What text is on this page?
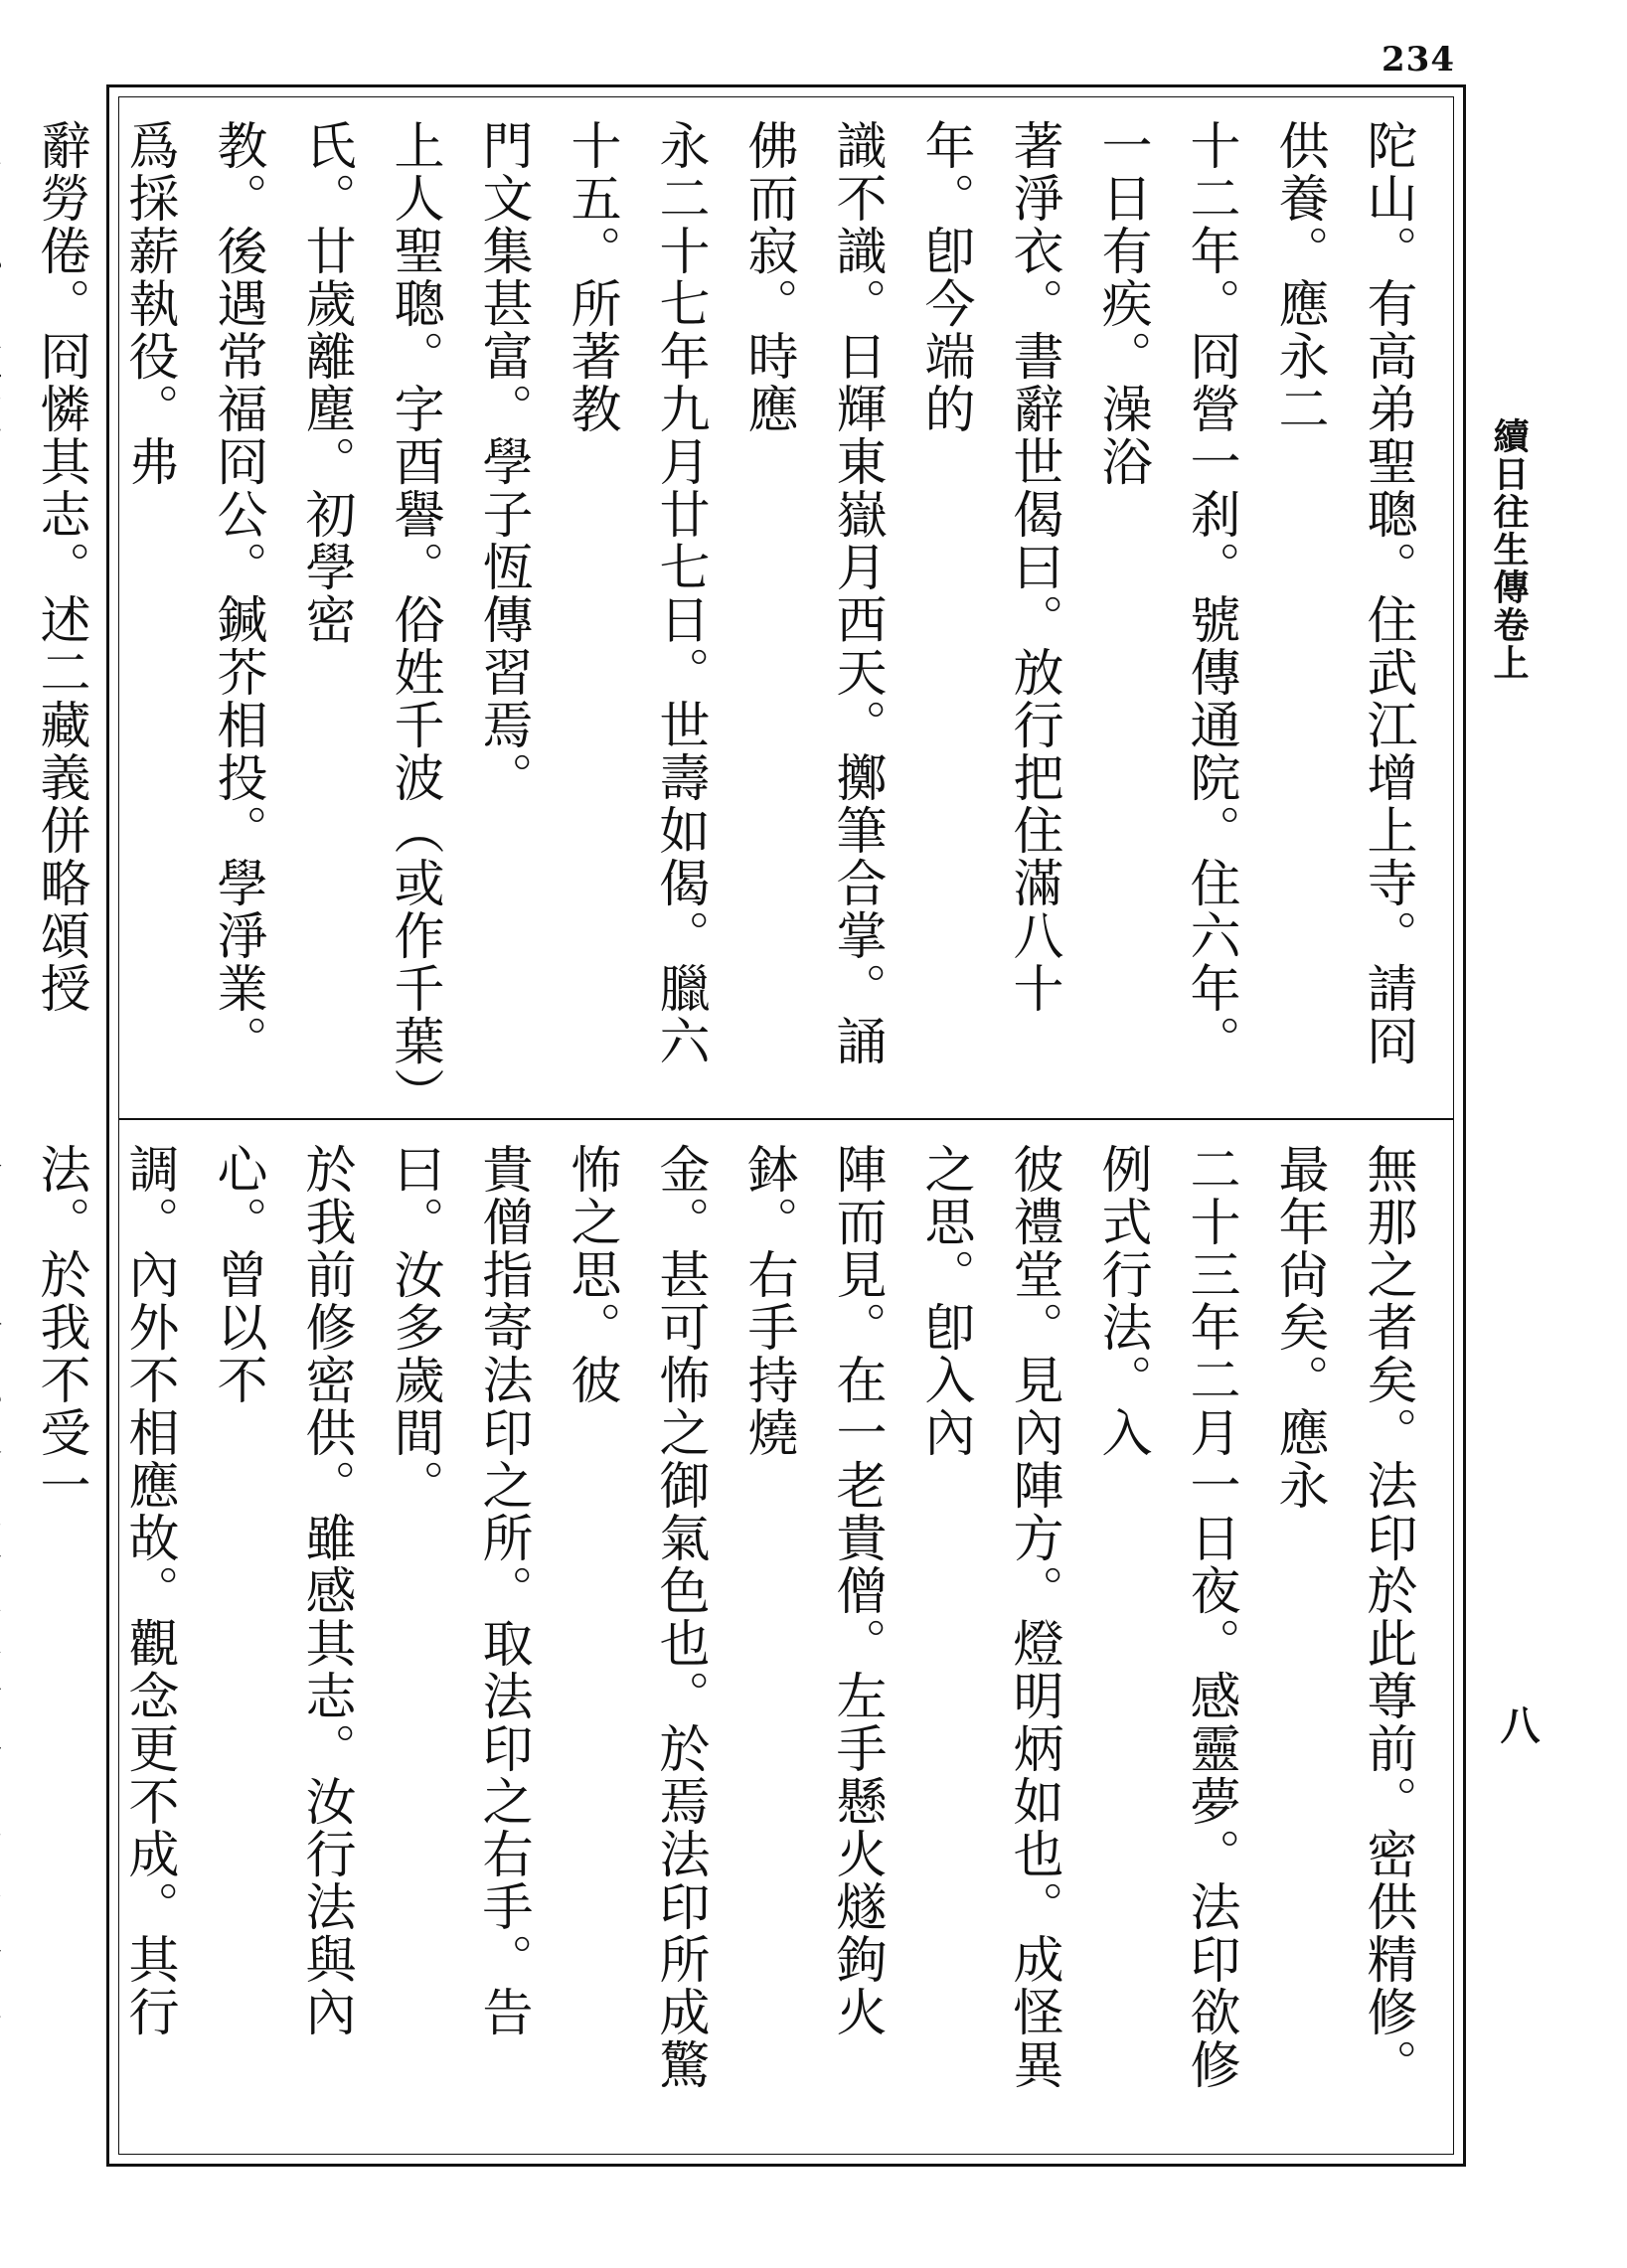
234
陀山。有高弟聖聰。住武江增上寺。請冏供養。應永二
十二年。冏營一刹。號傳通院。住六年。一日有疾。澡浴
著淨衣。書辭世偈曰。放行把住滿八十年。卽今端的
識不識。日輝東嶽月西天。擲筆合掌。誦佛而寂。時應
永二十七年九月廿七日。世壽如偈。臘六十五。所著教
門文集甚富。學子恆傳習焉。
上人聖聰。字酉譽。俗姓千波（或作千葉）氏。廿歲離塵。初學密
教。後遇常福冏公。鍼芥相投。學淨業。爲採薪執役。弗
辭勞倦。冏憐其志。述二藏義併略頌授

無那之者矣。法印於此尊前。密供精修。最年尙矣。應永
二十三年二月一日夜。感靈夢。法印欲修例式行法。入
彼禮堂。見內陣方。燈明炳如也。成怪異之思。卽入內
陣而見。在一老貴僧。左手懸火燧鉤火鉢。右手持燒
金。甚可怖之御氣色也。於焉法印所成驚怖之思。彼
貴僧指寄法印之所。取法印之右手。告曰。汝多歲間。
於我前修密供。雖感其志。汝行法與內心。曾以不
調。內外不相應故。觀念更不成。其行法。於我不受一

續日往生傳卷上
八
